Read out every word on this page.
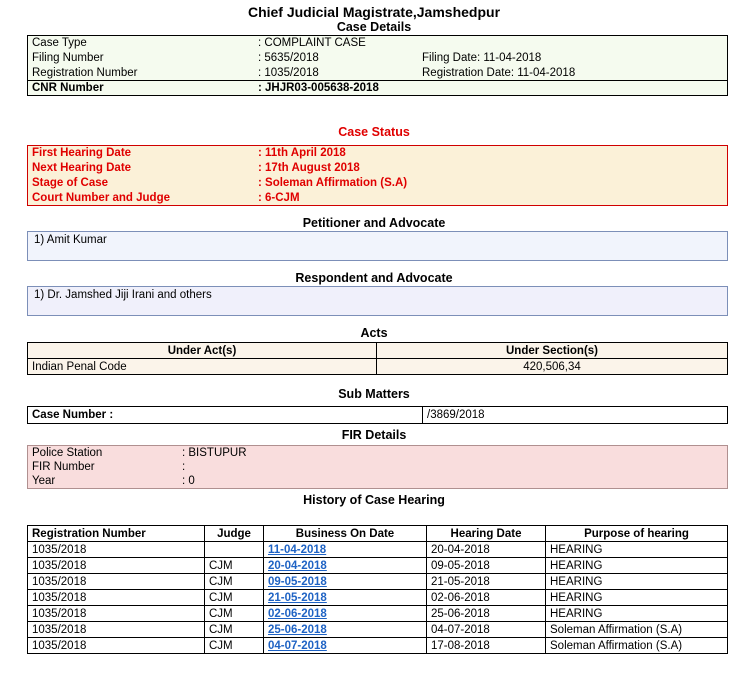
Chief Judicial Magistrate,Jamshedpur
Case Details
Case Type	: COMPLAINT CASE	
Filing Number	: 5635/2018	Filing Date: 11-04-2018
Registration Number	: 1035/2018	Registration Date: 11-04-2018
CNR Number	: JHJR03-005638-2018	
Case Status
First Hearing Date	: 11th April 2018
Next Hearing Date	: 17th August 2018
Stage of Case	: Soleman Affirmation (S.A)
Court Number and Judge	: 6-CJM
Petitioner and Advocate
1) Amit Kumar
Respondent and Advocate
1) Dr. Jamshed Jiji Irani and others
Acts
Under Act(s)	Under Section(s)
Indian Penal Code	420,506,34
Sub Matters
Case Number :	/3869/2018
FIR Details
Police Station	: BISTUPUR
FIR Number	:
Year	: 0
History of Case Hearing
Registration Number	Judge	Business On Date	Hearing Date	Purpose of hearing
1035/2018		11-04-2018	20-04-2018	HEARING
1035/2018	CJM	20-04-2018	09-05-2018	HEARING
1035/2018	CJM	09-05-2018	21-05-2018	HEARING
1035/2018	CJM	21-05-2018	02-06-2018	HEARING
1035/2018	CJM	02-06-2018	25-06-2018	HEARING
1035/2018	CJM	25-06-2018	04-07-2018	Soleman Affirmation (S.A)
1035/2018	CJM	04-07-2018	17-08-2018	Soleman Affirmation (S.A)
